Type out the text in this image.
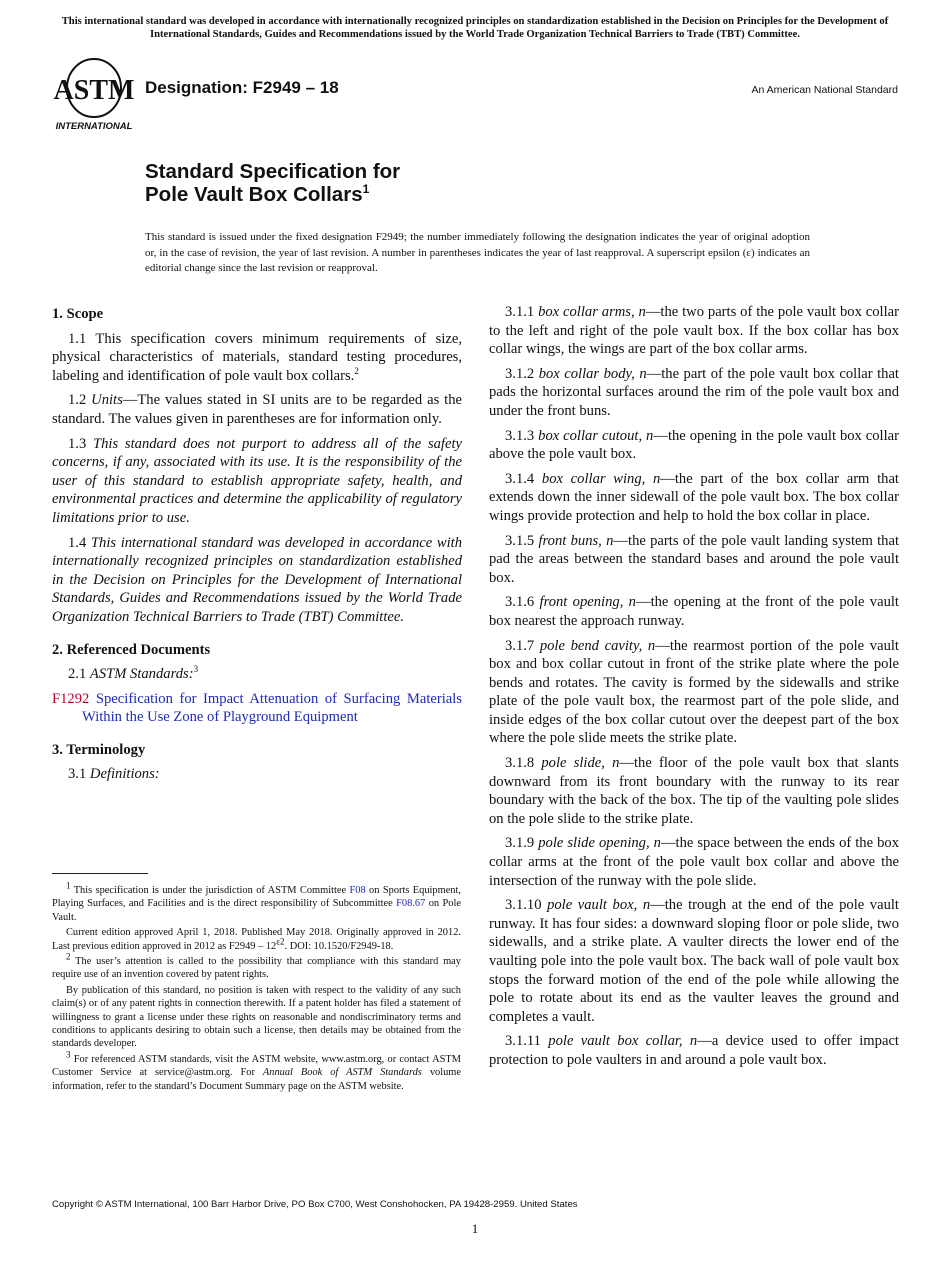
This international standard was developed in accordance with internationally recognized principles on standardization established in the Decision on Principles for the Development of International Standards, Guides and Recommendations issued by the World Trade Organization Technical Barriers to Trade (TBT) Committee.
ASTM
INTERNATIONAL
Designation: F2949 – 18	An American National Standard
Standard Specification for
Pole Vault Box Collars$^1$
This standard is issued under the fixed designation F2949; the number immediately following the designation indicates the year of original adoption or, in the case of revision, the year of last revision. A number in parentheses indicates the year of last reapproval. A superscript epsilon (ε) indicates an editorial change since the last revision or reapproval.
1. Scope

1.1 This specification covers minimum requirements of size, physical characteristics of materials, standard testing procedures, labeling and identification of pole vault box collars.$^2$

1.2 Units—The values stated in SI units are to be regarded as the standard. The values given in parentheses are for information only.

1.3 This standard does not purport to address all of the safety concerns, if any, associated with its use. It is the responsibility of the user of this standard to establish appropriate safety, health, and environmental practices and determine the applicability of regulatory limitations prior to use.

1.4 This international standard was developed in accordance with internationally recognized principles on standardization established in the Decision on Principles for the Development of International Standards, Guides and Recommendations issued by the World Trade Organization Technical Barriers to Trade (TBT) Committee.

2. Referenced Documents

2.1 ASTM Standards:$^3$

F1292 Specification for Impact Attenuation of Surfacing Materials Within the Use Zone of Playground Equipment
3. Terminology

3.1 Definitions:

3.1.1 box collar arms, n—the two parts of the pole vault box collar to the left and right of the pole vault box. If the box collar has box collar wings, the wings are part of the box collar arms.

3.1.2 box collar body, n—the part of the pole vault box collar that pads the horizontal surfaces around the rim of the pole vault box and under the front buns.

3.1.3 box collar cutout, n—the opening in the pole vault box collar above the pole vault box.

3.1.4 box collar wing, n—the part of the box collar arm that extends down the inner sidewall of the pole vault box. The box collar wings provide protection and help to hold the box collar in place.

3.1.5 front buns, n—the parts of the pole vault landing system that pad the areas between the standard bases and around the pole vault box.

3.1.6 front opening, n—the opening at the front of the pole vault box nearest the approach runway.

3.1.7 pole bend cavity, n—the rearmost portion of the pole vault box and box collar cutout in front of the strike plate where the pole bends and rotates. The cavity is formed by the sidewalls and strike plate of the pole vault box, the rearmost part of the pole slide, and inside edges of the box collar cutout over the deepest part of the box where the pole slide meets the strike plate.

3.1.8 pole slide, n—the floor of the pole vault box that slants downward from its front boundary with the runway to its rear boundary with the back of the box. The tip of the vaulting pole slides on the pole slide to the strike plate.

3.1.9 pole slide opening, n—the space between the ends of the box collar arms at the front of the pole vault box collar and above the intersection of the runway with the pole slide.

3.1.10 pole vault box, n—the trough at the end of the pole vault runway. It has four sides: a downward sloping floor or pole slide, two sidewalls, and a strike plate. A vaulter directs the lower end of the vaulting pole into the pole vault box. The back wall of pole vault box stops the forward motion of the end of the pole while allowing the pole to rotate about its end as the vaulter leaves the ground and completes a vault.

3.1.11 pole vault box collar, n—a device used to offer impact protection to pole vaulters in and around a pole vault box.

$^1$ This specification is under the jurisdiction of ASTM Committee F08 on Sports Equipment, Playing Surfaces, and Facilities and is the direct responsibility of Subcommittee F08.67 on Pole Vault.

Current edition approved April 1, 2018. Published May 2018. Originally approved in 2012. Last previous edition approved in 2012 as $F2949 - 12^{\varepsilon 2}$. DOI: 10.1520/F2949-18.

$^2$ The user’s attention is called to the possibility that compliance with this standard may require use of an invention covered by patent rights.

By publication of this standard, no position is taken with respect to the validity of any such claim(s) or of any patent rights in connection therewith. If a patent holder has filed a statement of willingness to grant a license under these rights on reasonable and nondiscriminatory terms and conditions to applicants desiring to obtain such a license, then details may be obtained from the standards developer.

$^3$ For referenced ASTM standards, visit the ASTM website, www.astm.org, or contact ASTM Customer Service at service@astm.org. For Annual Book of ASTM Standards volume information, refer to the standard’s Document Summary page on the ASTM website.

Copyright © ASTM International, 100 Barr Harbor Drive, PO Box C700, West Conshohocken, PA 19428-2959. United States
1
